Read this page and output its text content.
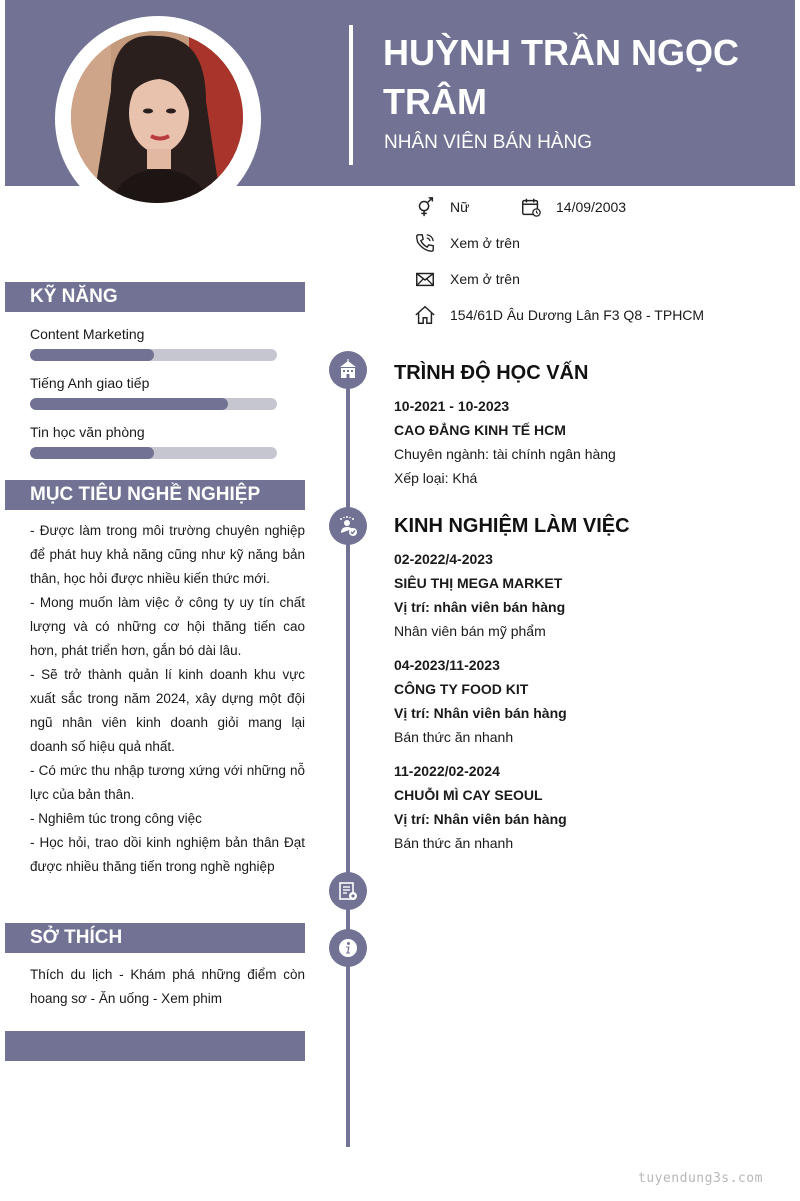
HUỲNH TRẦN NGỌC TRÂM
NHÂN VIÊN BÁN HÀNG
Nữ	14/09/2003
Xem ở trên
Xem ở trên
154/61D Âu Dương Lân F3 Q8 - TPHCM
KỸ NĂNG
Content Marketing
Tiếng Anh giao tiếp
Tin học văn phòng
MỤC TIÊU NGHỀ NGHIỆP
- Được làm trong môi trường chuyên nghiệp để phát huy khả năng cũng như kỹ năng bản thân, học hỏi được nhiều kiến thức mới.
- Mong muốn làm việc ở công ty uy tín chất lượng và có những cơ hội thăng tiến cao hơn, phát triển hơn, gắn bó dài lâu.
- Sẽ trở thành quản lí kinh doanh khu vực xuất sắc trong năm 2024, xây dựng một đội ngũ nhân viên kinh doanh giỏi mang lại doanh số hiệu quả nhất.
- Có mức thu nhập tương xứng với những nỗ lực của bản thân.
- Nghiêm túc trong công việc
- Học hỏi, trao dồi kinh nghiệm bản thân Đạt được nhiều thăng tiến trong nghề nghiệp
SỞ THÍCH
Thích du lịch - Khám phá những điểm còn hoang sơ - Ăn uống - Xem phim
TRÌNH ĐỘ HỌC VẤN
10-2021 - 10-2023
CAO ĐẲNG KINH TẾ HCM
Chuyên ngành: tài chính ngân hàng
Xếp loại: Khá
KINH NGHIỆM LÀM VIỆC
02-2022/4-2023
SIÊU THỊ MEGA MARKET
Vị trí: nhân viên bán hàng
Nhân viên bán mỹ phẩm
04-2023/11-2023
CÔNG TY FOOD KIT
Vị trí: Nhân viên bán hàng
Bán thức ăn nhanh
11-2022/02-2024
CHUỖI MÌ CAY SEOUL
Vị trí: Nhân viên bán hàng
Bán thức ăn nhanh
tuyendung3s.com
